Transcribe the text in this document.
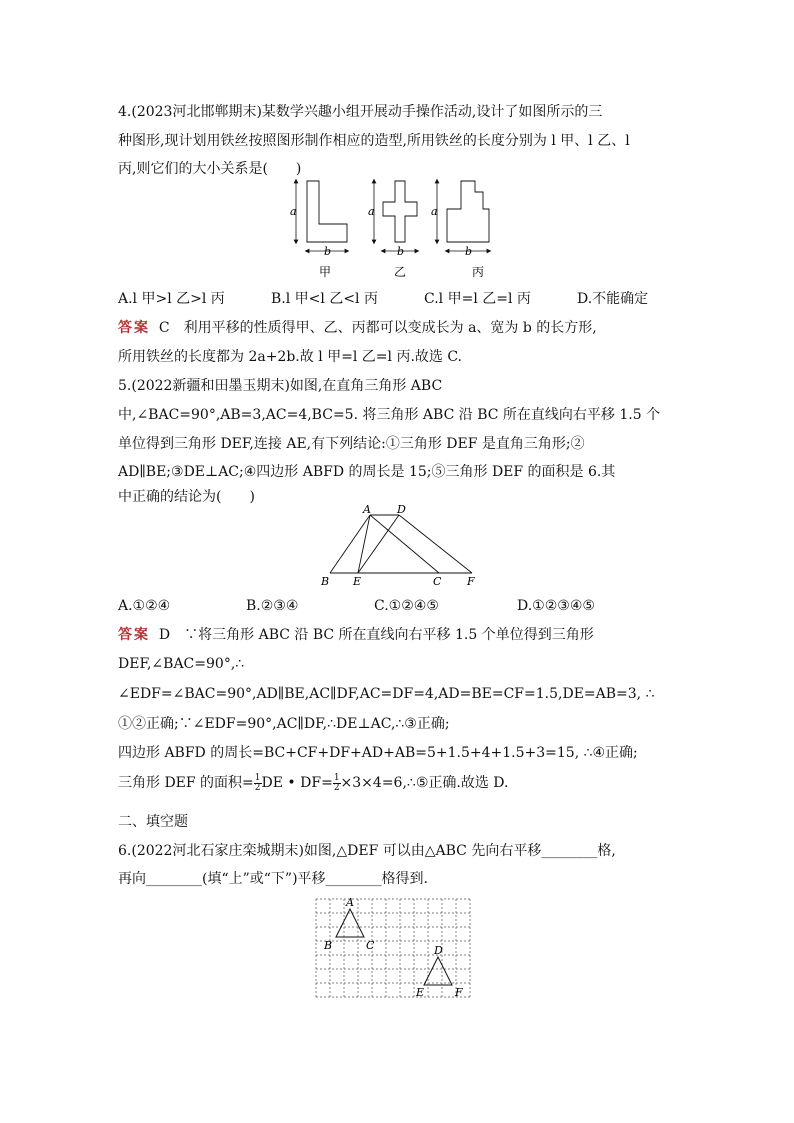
4.(2023河北邯郸期末)某数学兴趣小组开展动手操作活动,设计了如图所示的三
种图形,现计划用铁丝按照图形制作相应的造型,所用铁丝的长度分别为 l 甲、l 乙、l
丙,则它们的大小关系是(　　)
a
b
甲
a
b
乙
a
b
丙
A.l 甲>l 乙>l 丙	B.l 甲<l 乙<l 丙	C.l 甲=l 乙=l 丙	D.不能确定
答案 C　利用平移的性质得甲、乙、丙都可以变成长为 a、宽为 b 的长方形,
所用铁丝的长度都为 2a+2b.故 l 甲=l 乙=l 丙.故选 C.
5.(2022新疆和田墨玉期末)如图,在直角三角形 ABC
中,∠BAC=90°,AB=3,AC=4,BC=5. 将三角形 ABC 沿 BC 所在直线向右平移 1.5 个
单位得到三角形 DEF,连接 AE,有下列结论:①三角形 DEF 是直角三角形;②
AD∥BE;③DE⊥AC;④四边形 ABFD 的周长是 15;⑤三角形 DEF 的面积是 6.其
中正确的结论为(　　)
A D
B E	C F
A.①②④	B.②③④	C.①②④⑤	D.①②③④⑤
答案 D　∵将三角形 ABC 沿 BC 所在直线向右平移 1.5 个单位得到三角形
DEF,∠BAC=90°,∴
∠EDF=∠BAC=90°,AD∥BE,AC∥DF,AC=DF=4,AD=BE=CF=1.5,DE=AB=3, ∴
①②正确;∵∠EDF=90°,AC∥DF,∴DE⊥AC,∴③正确;
四边形 ABFD 的周长=BC+CF+DF+AD+AB=5+1.5+4+1.5+3=15, ∴④正确;
三角形 DEF 的面积= $\frac{1}{2}$ DE • $DF= \frac{1}{2}$ ×3×4=6,∴⑤正确.故选 D.
二、填空题
6.(2022河北石家庄栾城期末)如图,△DEF 可以由△ABC 先向右平移________格,
再向________(填“上”或“下”)平移________格得到.
A
B	C	D
E	F
